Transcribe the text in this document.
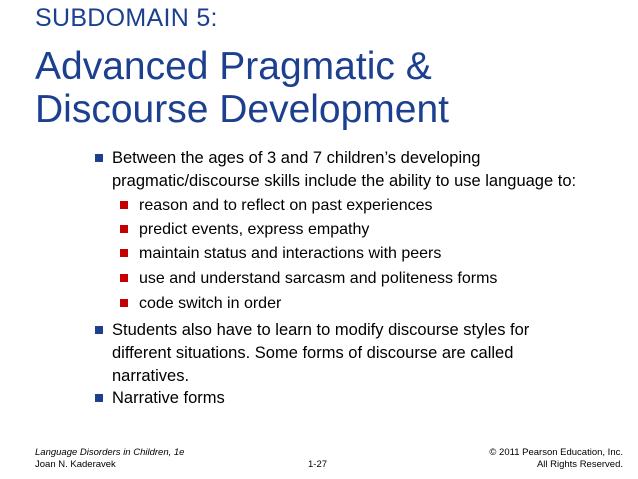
SUBDOMAIN 5:
Advanced Pragmatic &
Discourse Development
Between the ages of 3 and 7 children’s developing
pragmatic/discourse skills include the ability to use language to:
reason and to reflect on past experiences
predict events, express empathy
maintain status and interactions with peers
use and understand sarcasm and politeness forms
code switch in order
Students also have to learn to modify discourse styles for
different situations. Some forms of discourse are called
narratives.
Narrative forms
Language Disorders in Children, 1e
Joan N. Kaderavek	1-27
© 2011 Pearson Education, Inc.
All Rights Reserved.
